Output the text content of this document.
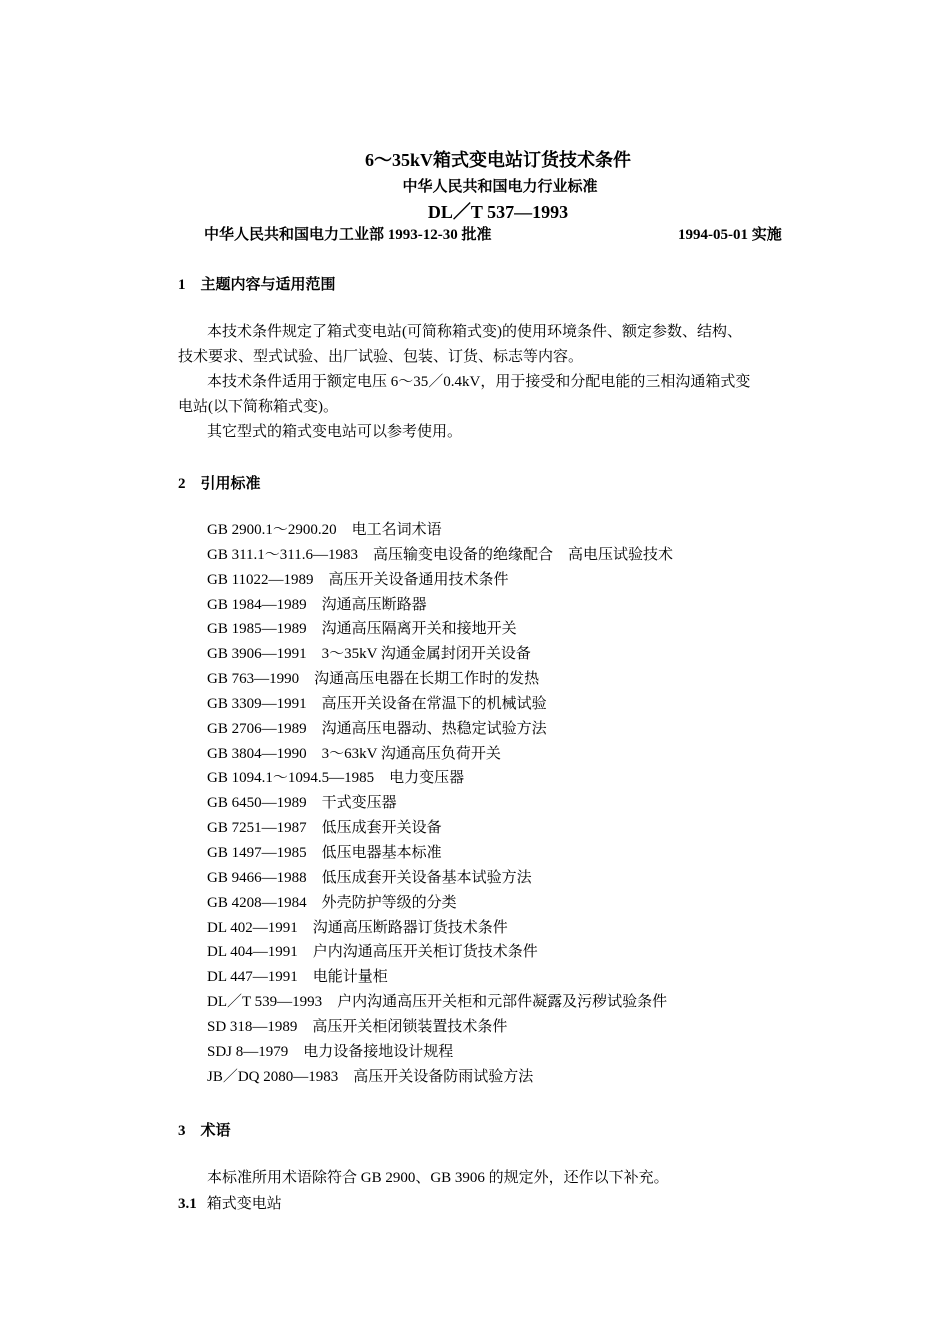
6～35kV箱式变电站订货技术条件
中华人民共和国电力行业标准
DL／T 537—1993
中华人民共和国电力工业部 1993-12-30 批准	1994-05-01 实施
1　主题内容与适用范围
本技术条件规定了箱式变电站(可简称箱式变)的使用环境条件、额定参数、结构、
技术要求、型式试验、出厂试验、包装、订货、标志等内容。
本技术条件适用于额定电压 6～35／0.4kV，用于接受和分配电能的三相沟通箱式变
电站(以下简称箱式变)。
其它型式的箱式变电站可以参考使用。
2　引用标准
GB 2900.1～2900.20　电工名词术语
GB 311.1～311.6—1983　高压输变电设备的绝缘配合　高电压试验技术
GB 11022—1989　高压开关设备通用技术条件
GB 1984—1989　沟通高压断路器
GB 1985—1989　沟通高压隔离开关和接地开关
GB 3906—1991　3～35kV 沟通金属封闭开关设备
GB 763—1990　沟通高压电器在长期工作时的发热
GB 3309—1991　高压开关设备在常温下的机械试验
GB 2706—1989　沟通高压电器动、热稳定试验方法
GB 3804—1990　3～63kV 沟通高压负荷开关
GB 1094.1～1094.5—1985　电力变压器
GB 6450—1989　干式变压器
GB 7251—1987　低压成套开关设备
GB 1497—1985　低压电器基本标准
GB 9466—1988　低压成套开关设备基本试验方法
GB 4208—1984　外壳防护等级的分类
DL 402—1991　沟通高压断路器订货技术条件
DL 404—1991　户内沟通高压开关柜订货技术条件
DL 447—1991　电能计量柜
DL／T 539—1993　户内沟通高压开关柜和元部件凝露及污秽试验条件
SD 318—1989　高压开关柜闭锁装置技术条件
SDJ 8—1979　电力设备接地设计规程
JB／DQ 2080—1983　高压开关设备防雨试验方法
3　术语
本标准所用术语除符合 GB 2900、GB 3906 的规定外，还作以下补充。
3.1 箱式变电站
